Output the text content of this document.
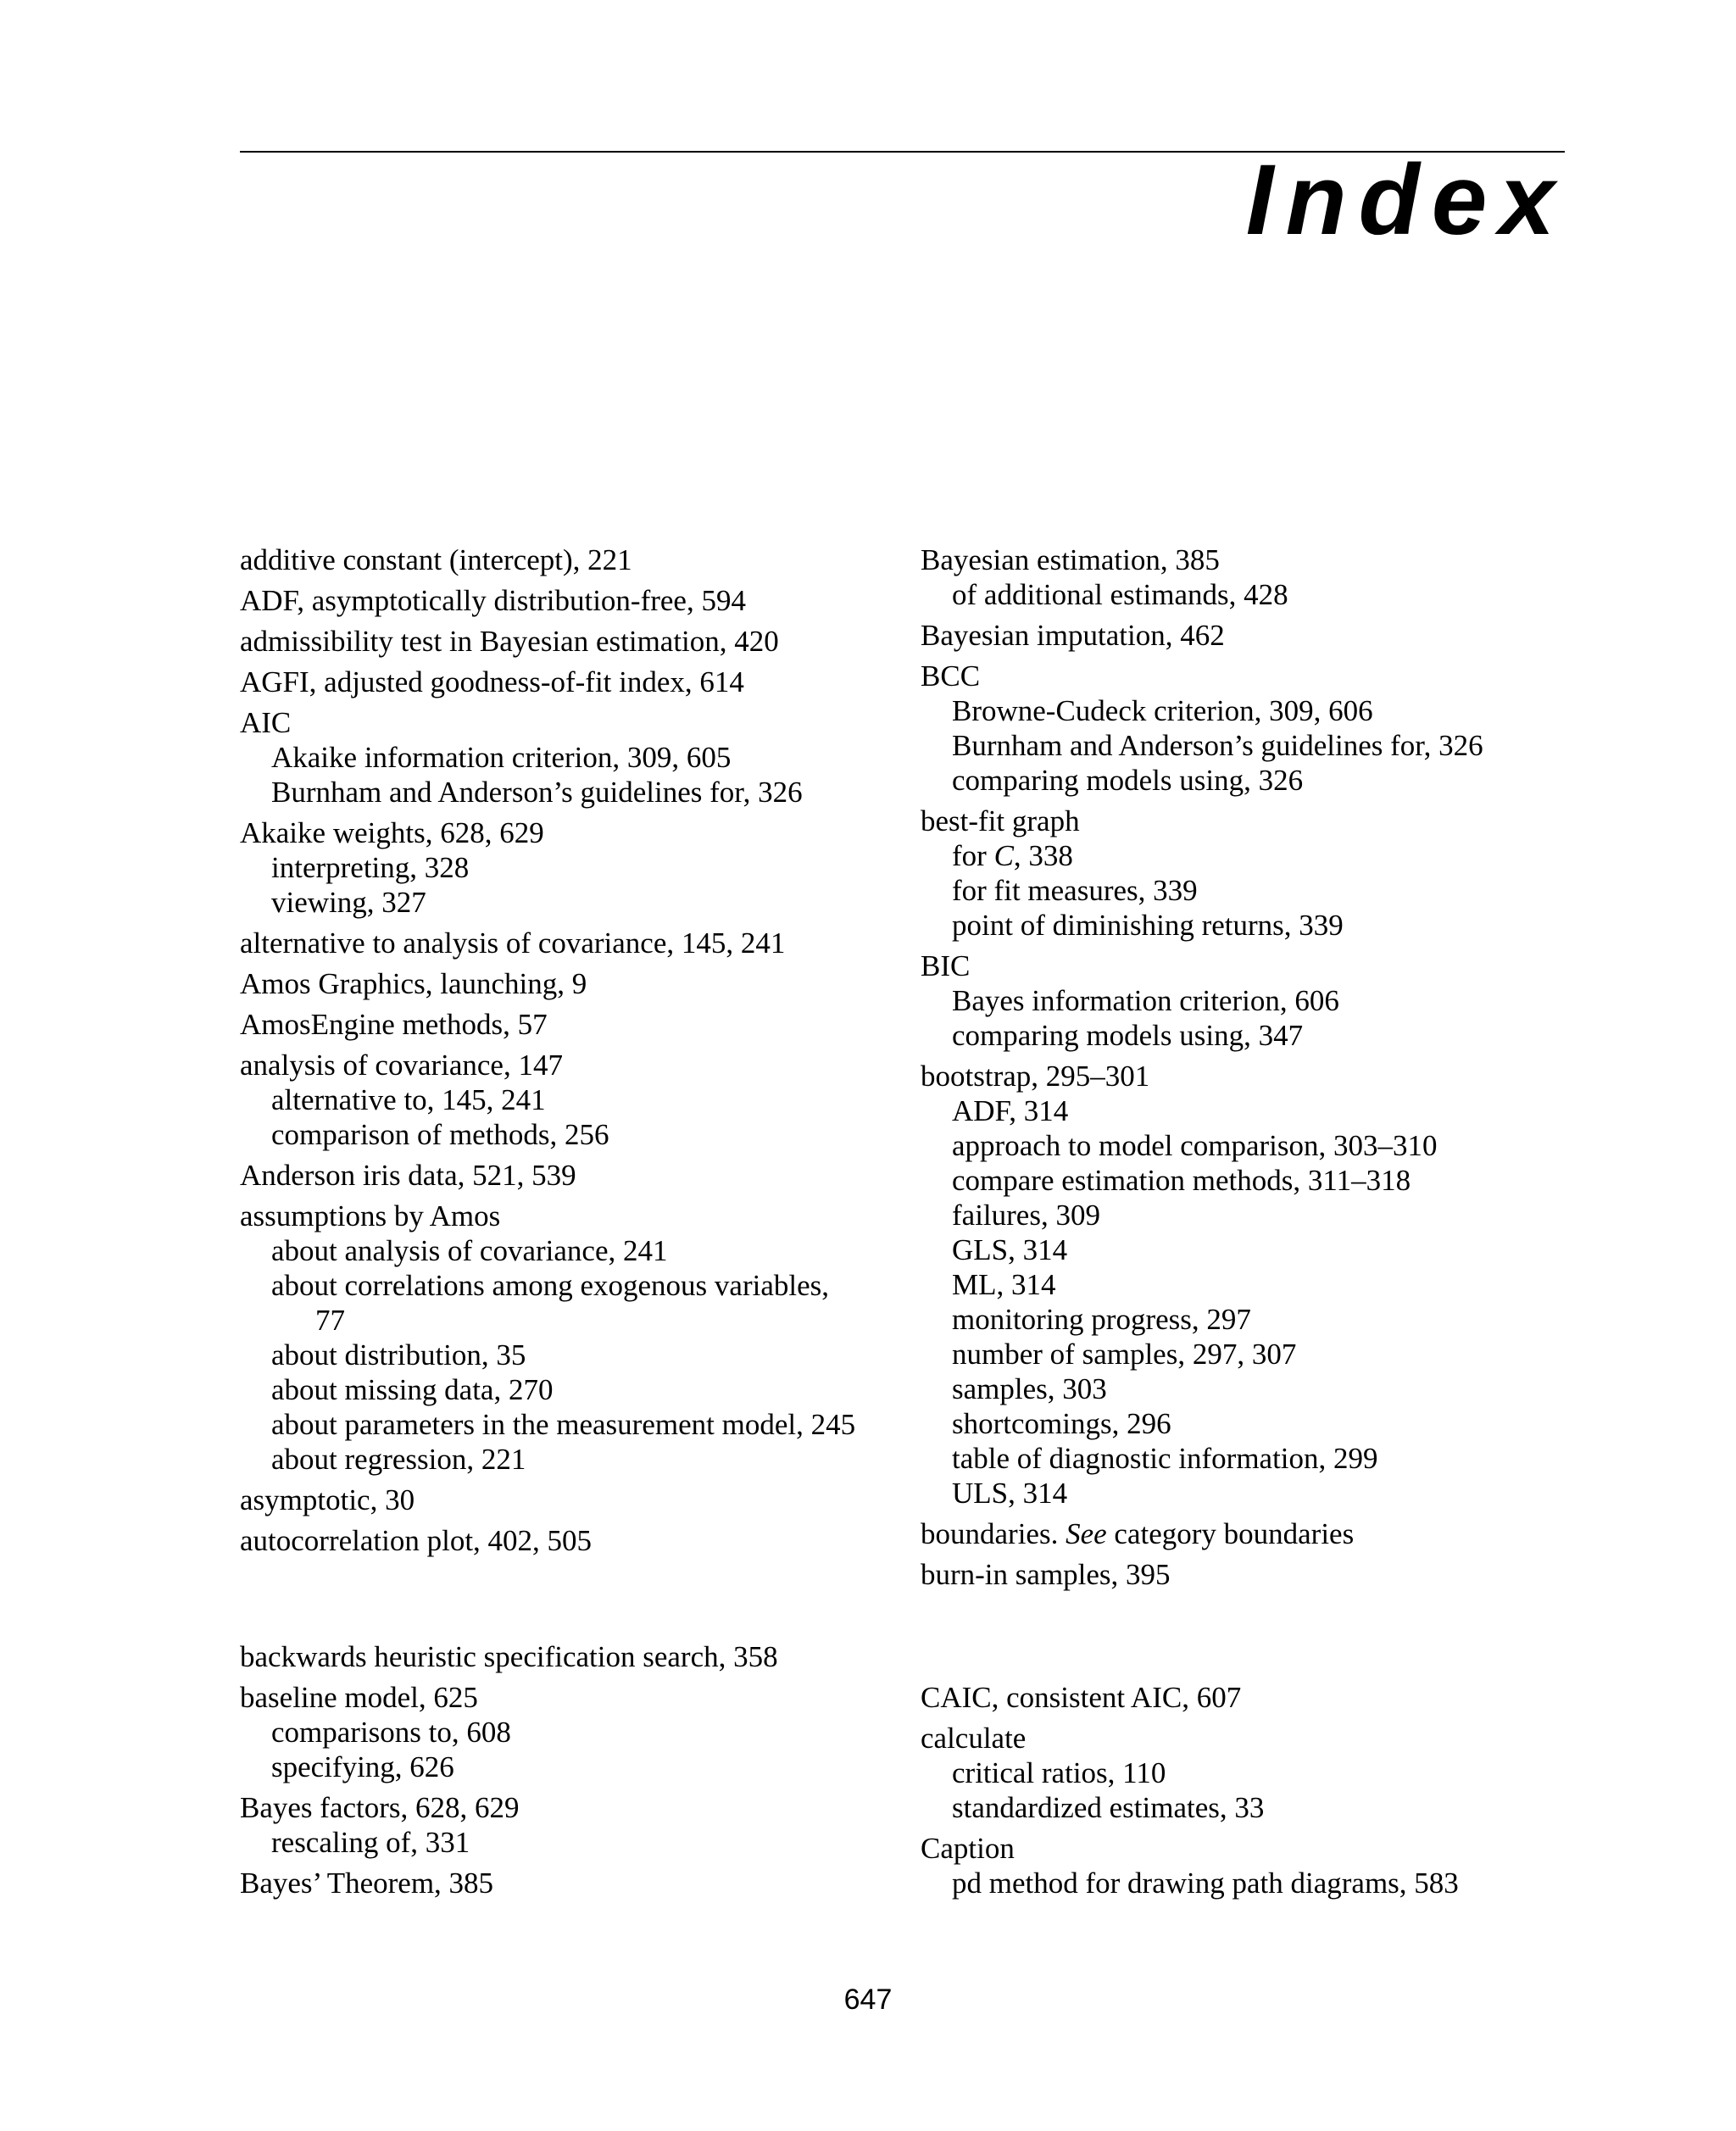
Index
additive constant (intercept), 221
ADF, asymptotically distribution-free, 594
admissibility test in Bayesian estimation, 420
AGFI, adjusted goodness-of-fit index, 614
AIC
Akaike information criterion, 309, 605
Burnham and Anderson’s guidelines for, 326
Akaike weights, 628, 629
interpreting, 328
viewing, 327
alternative to analysis of covariance, 145, 241
Amos Graphics, launching, 9
AmosEngine methods, 57
analysis of covariance, 147
alternative to, 145, 241
comparison of methods, 256
Anderson iris data, 521, 539
assumptions by Amos
about analysis of covariance, 241
about correlations among exogenous variables,
77
about distribution, 35
about missing data, 270
about parameters in the measurement model, 245
about regression, 221
asymptotic, 30
autocorrelation plot, 402, 505
backwards heuristic specification search, 358
baseline model, 625
comparisons to, 608
specifying, 626
Bayes factors, 628, 629
rescaling of, 331
Bayes’ Theorem, 385
Bayesian estimation, 385
of additional estimands, 428
Bayesian imputation, 462
BCC
Browne-Cudeck criterion, 309, 606
Burnham and Anderson’s guidelines for, 326
comparing models using, 326
best-fit graph
for C, 338
for fit measures, 339
point of diminishing returns, 339
BIC
Bayes information criterion, 606
comparing models using, 347
bootstrap, 295–301
ADF, 314
approach to model comparison, 303–310
compare estimation methods, 311–318
failures, 309
GLS, 314
ML, 314
monitoring progress, 297
number of samples, 297, 307
samples, 303
shortcomings, 296
table of diagnostic information, 299
ULS, 314
boundaries. See category boundaries
burn-in samples, 395
CAIC, consistent AIC, 607
calculate
critical ratios, 110
standardized estimates, 33
Caption
pd method for drawing path diagrams, 583
647
